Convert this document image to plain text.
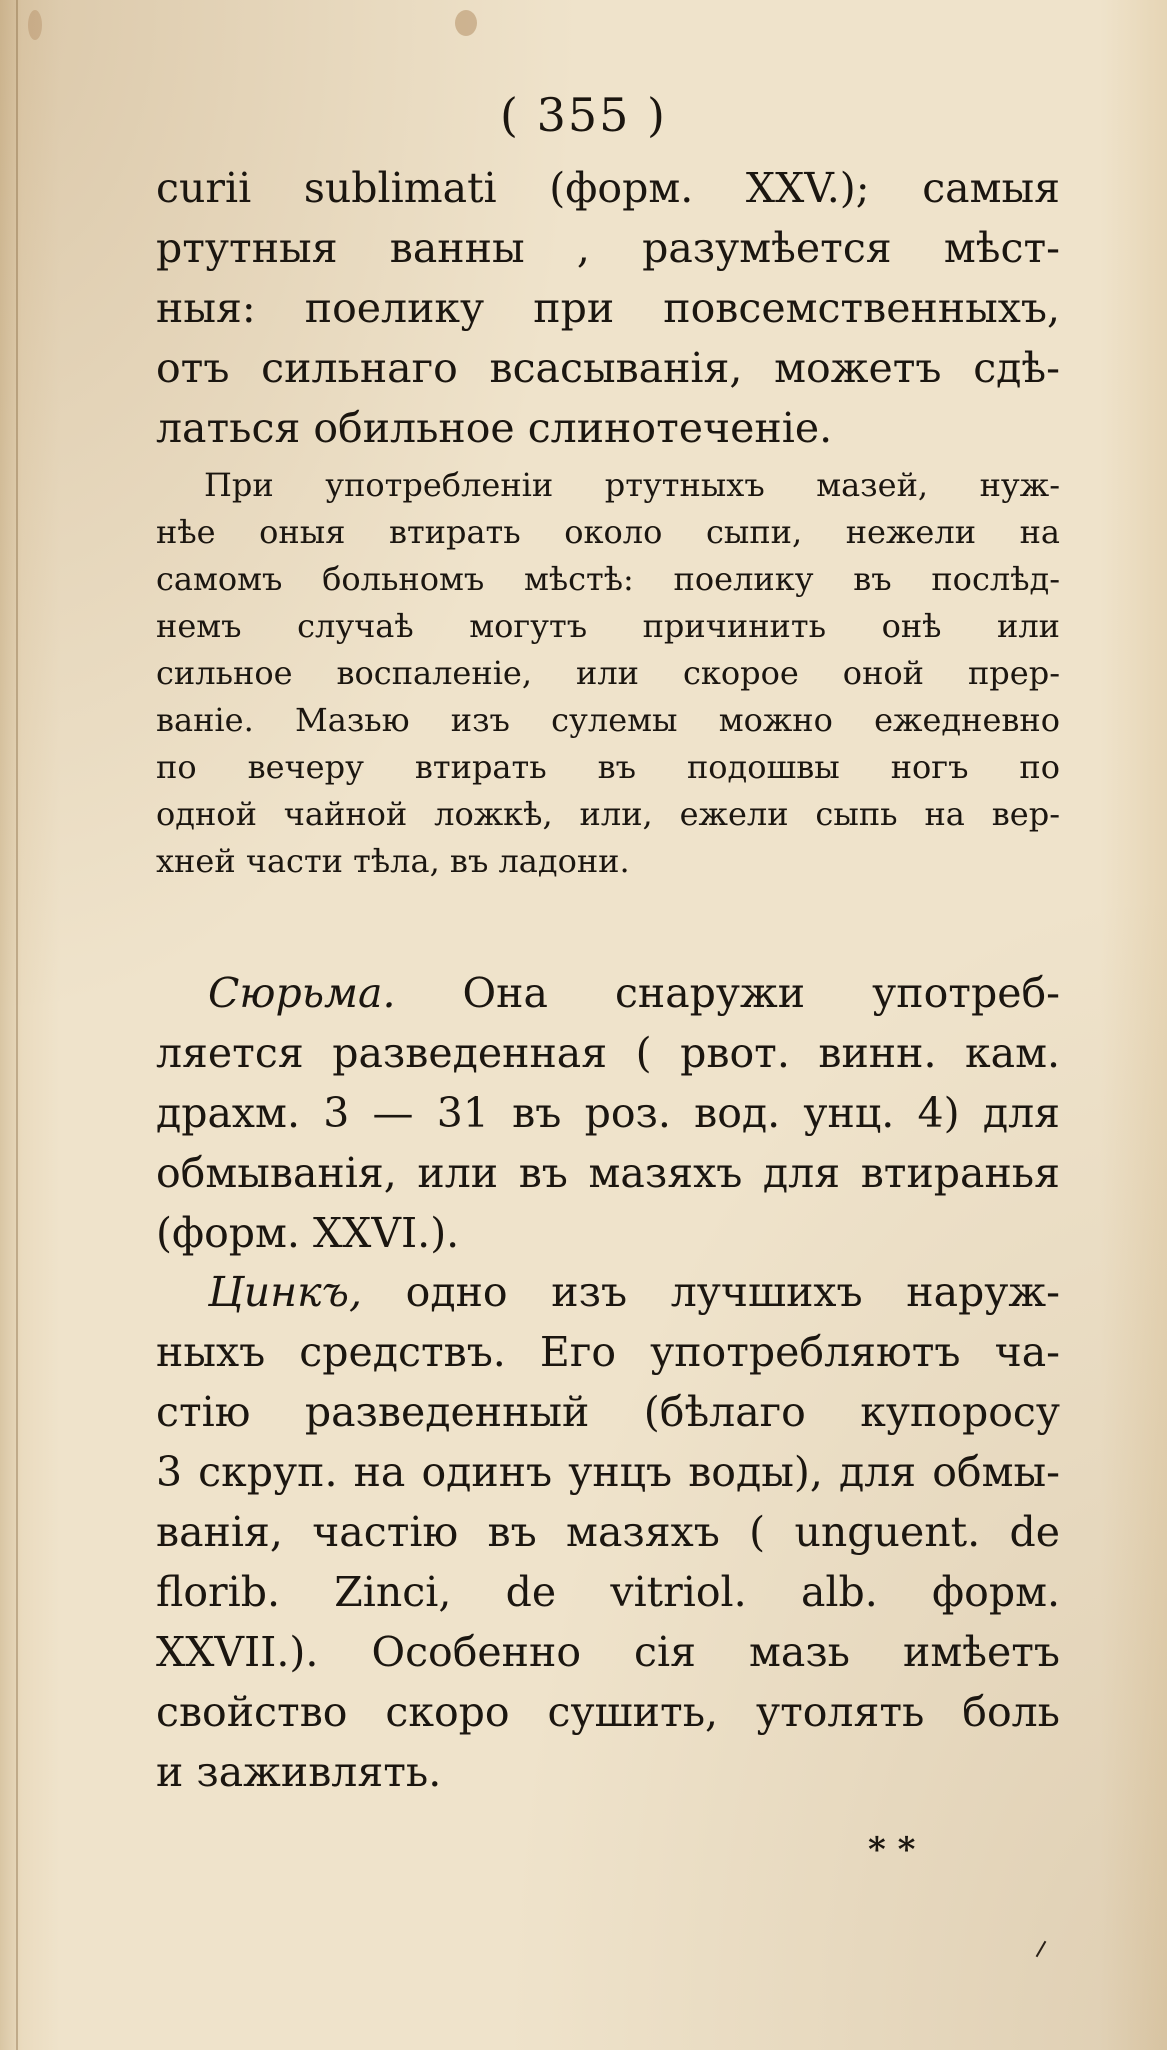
( 355 )
curii sublimati (форм. XXV.); самыя
ртутныя ванны , разумѣется мѣст-
ныя: поелику при повсемственныхъ,
отъ сильнаго всасыванія, можетъ сдѣ-
латься обильное слинотеченіе.
При употребленіи ртутныхъ мазей, нуж-
нѣе оныя втирать около сыпи, нежели на
самомъ больномъ мѣстѣ: поелику въ послѣд-
немъ случаѣ могутъ причинить онѣ или
сильное воспаленіе, или скорое оной прер-
ваніе. Мазью изъ сулемы можно ежедневно
по вечеру втирать въ подошвы ногъ по
одной чайной ложкѣ, или, ежели сыпь на вер-
хней части тѣла, въ ладони.
Сюрьма. Она снаружи употреб-
ляется разведенная ( рвот. винн. кам.
драхм. 3 — 31 въ роз. вод. унц. 4) для
обмыванія, или въ мазяхъ для втиранья
(форм. XXVI.).
Цинкъ, одно изъ лучшихъ наруж-
ныхъ средствъ. Его употребляютъ ча-
стію разведенный (бѣлаго купоросу
3 скруп. на одинъ унцъ воды), для обмы-
ванія, частію въ мазяхъ ( unguent. de
florib. Zinci, de vitriol. alb. форм.
XXVII.). Особенно сія мазь имѣетъ
свойство скоро сушить, утолять боль
и заживлять.
* *
